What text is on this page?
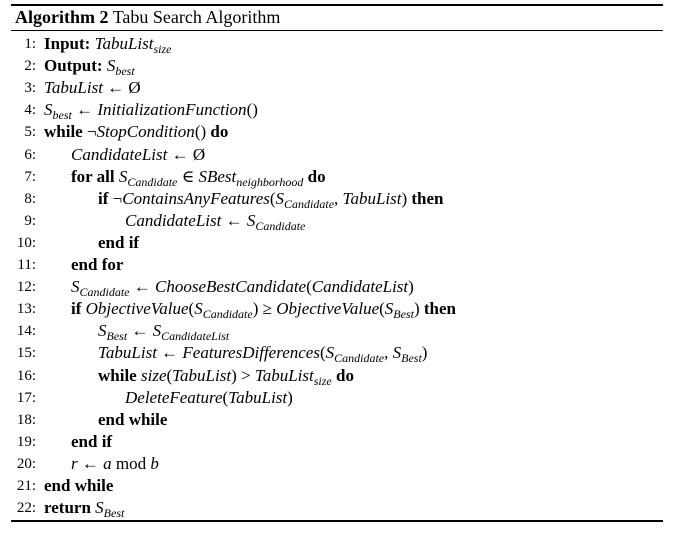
Algorithm 2 Tabu Search Algorithm
1: Input: TabuList$_{size}$
2: Output: $S_{best}$
3: TabuList ← Ø
4: $S_{best}$ ← InitializationFunction()
5: while ¬StopCondition() do
6: CandidateList ← Ø
7: for all $S_{Candidate}$ ∈ SBest$_{neighborhood}$ do
8:	if $\neg ContainsAnyFeatures(S_{Candidate}$, TabuList) then
9:	CandidateList ← $S_{Candidate}$
10:	end if
11: end for
12: $S_{Candidate}$ ← ChooseBestCandidate(CandidateList)
13: if $ObjectiveValue(S_{Candidate})$ ≥ $ObjectiveValue(S_{Best})$ then
14:	$S_{Best}$ ← $S_{CandidateList}$
15:	TabuList ← $FeaturesDifferences(S_{Candidate}$, $S_{Best}$)
16:	while size(TabuList) > TabuList$_{size}$ do
17:	DeleteFeature(TabuList)
18:	end while
19: end if
20: r ← a mod b
21: end while
22: return $S_{Best}$
